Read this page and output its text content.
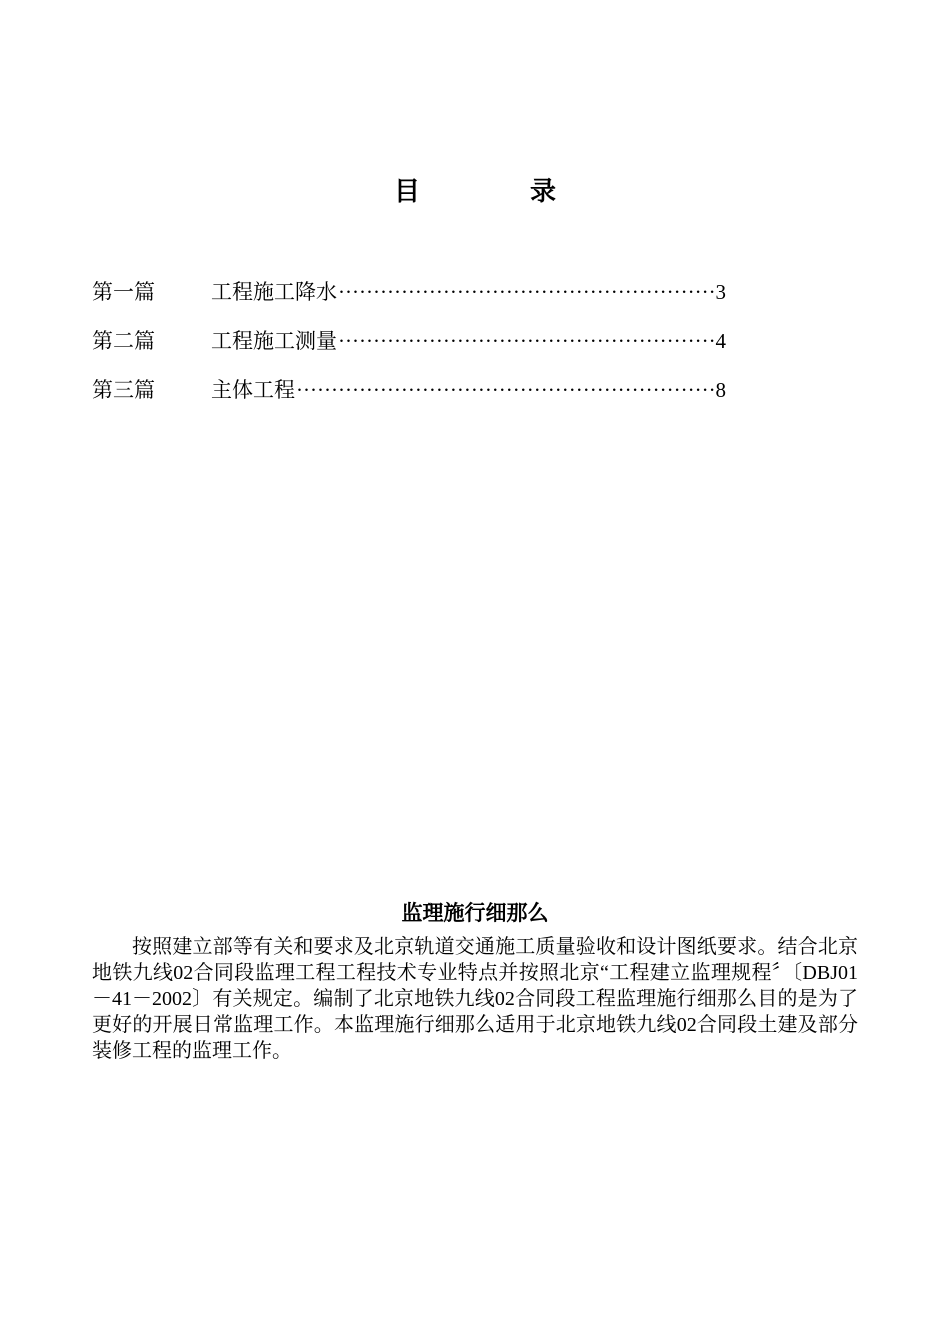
目	录
第一篇	工程施工降水 ·····	3
第二篇	工程施工测量 ·····	4
第三篇	主体工程 ·····	8
监理施行细那么

按照建立部等有关和要求及北京轨道交通施工质量验收和设计图纸要求。结合北京地铁九线02合同段监理工程工程技术专业特点并按照北京“工程建立监理规程〞〔DBJ01－41－2002〕有关规定。编制了北京地铁九线02合同段工程监理施行细那么目的是为了更好的开展日常监理工作。本监理施行细那么适用于北京地铁九线02合同段土建及部分装修工程的监理工作。
